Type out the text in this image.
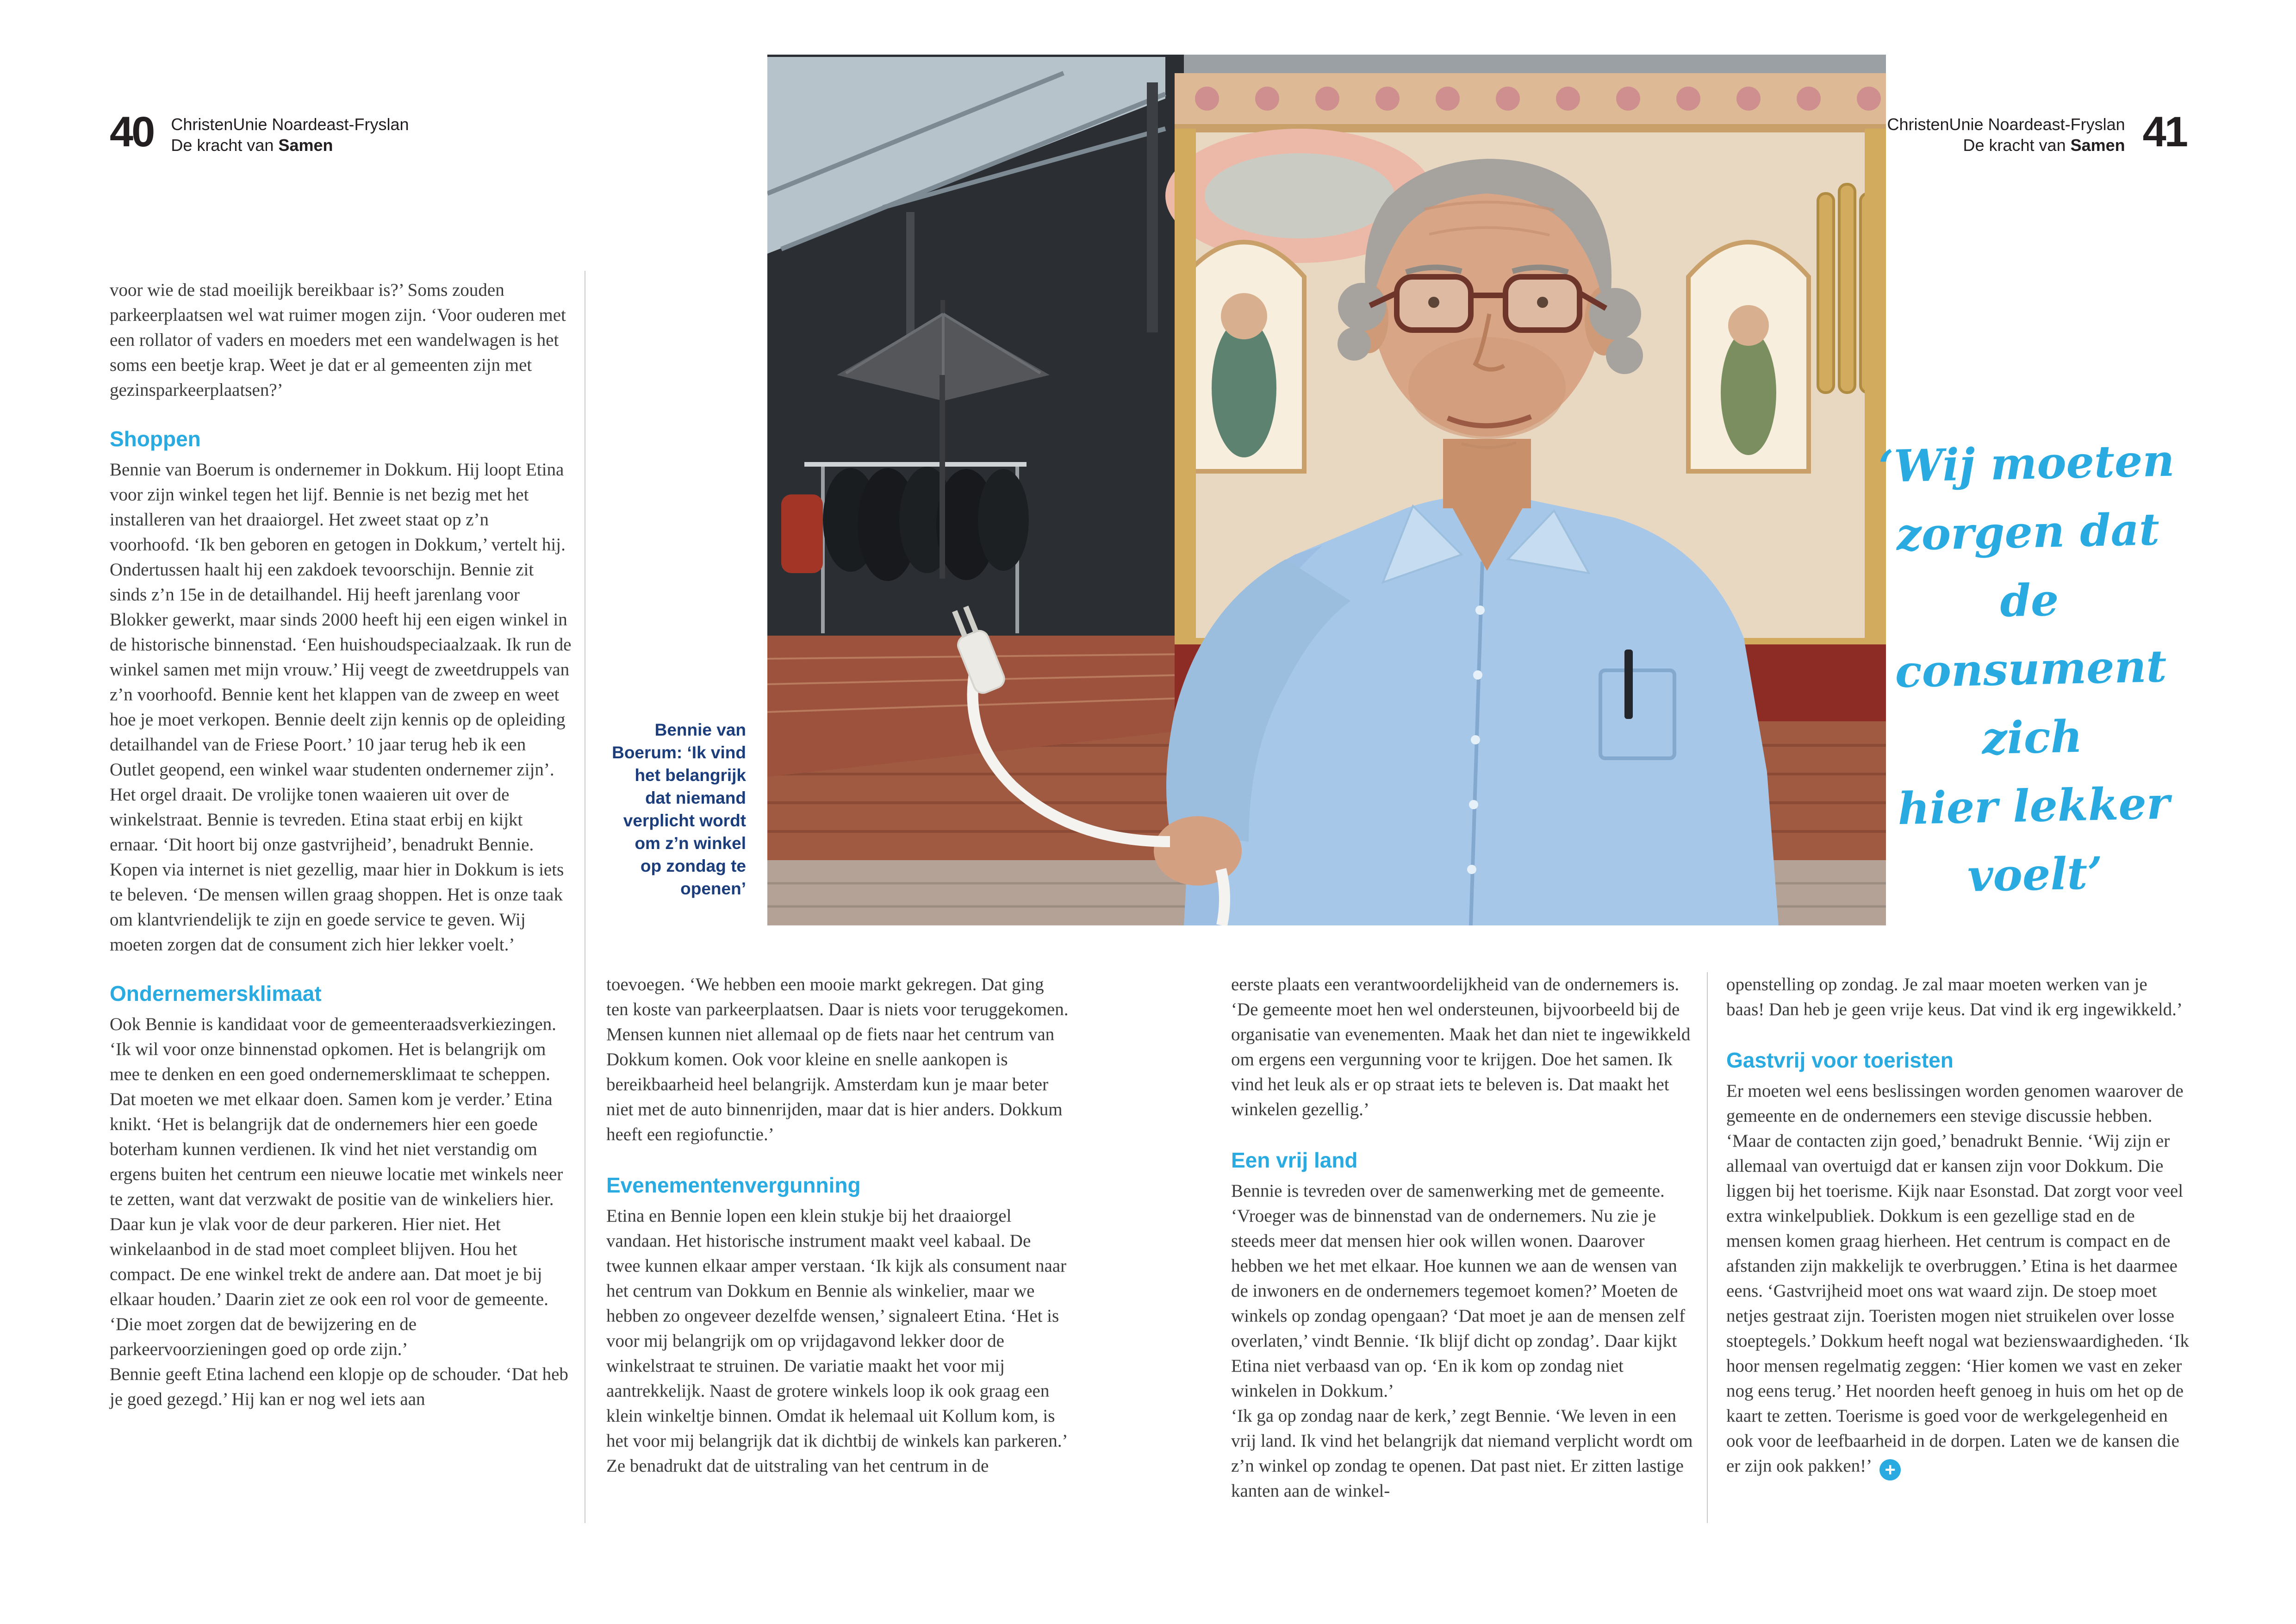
40 ChristenUnie Noardeast-Fryslan
De kracht van Samen
ChristenUnie Noardeast-Fryslan
De kracht van Samen 41
Bennie van
Boerum: ‘Ik vind
het belangrijk
dat niemand
verplicht wordt
om z’n winkel
op zondag te
openen’
‘Wij moeten
zorgen dat de
consument zich
hier lekker voelt’

voor wie de stad moeilijk bereikbaar is?’ Soms zouden parkeerplaatsen wel wat ruimer mogen zijn. ‘Voor ouderen met een rollator of vaders en moeders met een wandelwagen is het soms een beetje krap. Weet je dat er al gemeenten zijn met gezinsparkeerplaatsen?’

Shoppen

Bennie van Boerum is ondernemer in Dokkum. Hij loopt Etina voor zijn winkel tegen het lijf. Bennie is net bezig met het installeren van het draaiorgel. Het zweet staat op z’n voorhoofd. ‘Ik ben geboren en getogen in Dokkum,’ vertelt hij. Ondertussen haalt hij een zakdoek tevoorschijn. Bennie zit sinds z’n 15e in de detailhandel. Hij heeft jarenlang voor Blokker gewerkt, maar sinds 2000 heeft hij een eigen winkel in de historische binnenstad. ‘Een huishoudspeciaalzaak. Ik run de winkel samen met mijn vrouw.’ Hij veegt de zweetdruppels van z’n voorhoofd. Bennie kent het klappen van de zweep en weet hoe je moet verkopen. Bennie deelt zijn kennis op de opleiding detailhandel van de Friese Poort.’ 10 jaar terug heb ik een Outlet geopend, een winkel waar studenten ondernemer zijn’.

Het orgel draait. De vrolijke tonen waaieren uit over de winkelstraat. Bennie is tevreden. Etina staat erbij en kijkt ernaar. ‘Dit hoort bij onze gastvrijheid’, benadrukt Bennie. Kopen via internet is niet gezellig, maar hier in Dokkum is iets te beleven. ‘De mensen willen graag shoppen. Het is onze taak om klantvriendelijk te zijn en goede service te geven. Wij moeten zorgen dat de consument zich hier lekker voelt.’

Ondernemersklimaat

Ook Bennie is kandidaat voor de gemeenteraadsverkiezingen. ‘Ik wil voor onze binnenstad opkomen. Het is belangrijk om mee te denken en een goed ondernemersklimaat te scheppen. Dat moeten we met elkaar doen. Samen kom je verder.’ Etina knikt. ‘Het is belangrijk dat de ondernemers hier een goede boterham kunnen verdienen. Ik vind het niet verstandig om ergens buiten het centrum een nieuwe locatie met winkels neer te zetten, want dat verzwakt de positie van de winkeliers hier. Daar kun je vlak voor de deur parkeren. Hier niet. Het winkelaanbod in de stad moet compleet blijven. Hou het compact. De ene winkel trekt de andere aan. Dat moet je bij elkaar houden.’ Daarin ziet ze ook een rol voor de gemeente. ‘Die moet zorgen dat de bewijzering en de parkeervoorzieningen goed op orde zijn.’

Bennie geeft Etina lachend een klopje op de schouder. ‘Dat heb je goed gezegd.’ Hij kan er nog wel iets aan

toevoegen. ‘We hebben een mooie markt gekregen. Dat ging ten koste van parkeerplaatsen. Daar is niets voor teruggekomen. Mensen kunnen niet allemaal op de fiets naar het centrum van Dokkum komen. Ook voor kleine en snelle aankopen is bereikbaarheid heel belangrijk. Amsterdam kun je maar beter niet met de auto binnenrijden, maar dat is hier anders. Dokkum heeft een regiofunctie.’

Evenementenvergunning

Etina en Bennie lopen een klein stukje bij het draaiorgel vandaan. Het historische instrument maakt veel kabaal. De twee kunnen elkaar amper verstaan. ‘Ik kijk als consument naar het centrum van Dokkum en Bennie als winkelier, maar we hebben zo ongeveer dezelfde wensen,’ signaleert Etina. ‘Het is voor mij belangrijk om op vrijdagavond lekker door de winkelstraat te struinen. De variatie maakt het voor mij aantrekkelijk. Naast de grotere winkels loop ik ook graag een klein winkeltje binnen. Omdat ik helemaal uit Kollum kom, is het voor mij belangrijk dat ik dichtbij de winkels kan parkeren.’

Ze benadrukt dat de uitstraling van het centrum in de

eerste plaats een verantwoordelijkheid van de ondernemers is. ‘De gemeente moet hen wel ondersteunen, bijvoorbeeld bij de organisatie van evenementen. Maak het dan niet te ingewikkeld om ergens een vergunning voor te krijgen. Doe het samen. Ik vind het leuk als er op straat iets te beleven is. Dat maakt het winkelen gezellig.’

Een vrij land

Bennie is tevreden over de samenwerking met de gemeente. ‘Vroeger was de binnenstad van de ondernemers. Nu zie je steeds meer dat mensen hier ook willen wonen. Daarover hebben we het met elkaar. Hoe kunnen we aan de wensen van de inwoners en de ondernemers tegemoet komen?’ Moeten de winkels op zondag opengaan? ‘Dat moet je aan de mensen zelf overlaten,’ vindt Bennie. ‘Ik blijf dicht op zondag’. Daar kijkt Etina niet verbaasd van op. ‘En ik kom op zondag niet winkelen in Dokkum.’

‘Ik ga op zondag naar de kerk,’ zegt Bennie. ‘We leven in een vrij land. Ik vind het belangrijk dat niemand verplicht wordt om z’n winkel op zondag te openen. Dat past niet. Er zitten lastige kanten aan de winkel-

openstelling op zondag. Je zal maar moeten werken van je baas! Dan heb je geen vrije keus. Dat vind ik erg ingewikkeld.’

Gastvrij voor toeristen

Er moeten wel eens beslissingen worden genomen waarover de gemeente en de ondernemers een stevige discussie hebben. ‘Maar de contacten zijn goed,’ benadrukt Bennie. ‘Wij zijn er allemaal van overtuigd dat er kansen zijn voor Dokkum. Die liggen bij het toerisme. Kijk naar Esonstad. Dat zorgt voor veel extra winkelpubliek. Dokkum is een gezellige stad en de mensen komen graag hierheen. Het centrum is compact en de afstanden zijn makkelijk te overbruggen.’ Etina is het daarmee eens. ‘Gastvrijheid moet ons wat waard zijn. De stoep moet netjes gestraat zijn. Toeristen mogen niet struikelen over losse stoeptegels.’ Dokkum heeft nogal wat bezienswaardigheden. ‘Ik hoor mensen regelmatig zeggen: ‘Hier komen we vast en zeker nog eens terug.’ Het noorden heeft genoeg in huis om het op de kaart te zetten. Toerisme is goed voor de werkgelegenheid en ook voor de leefbaarheid in de dorpen. Laten we de kansen die er zijn ook pakken!’ +
